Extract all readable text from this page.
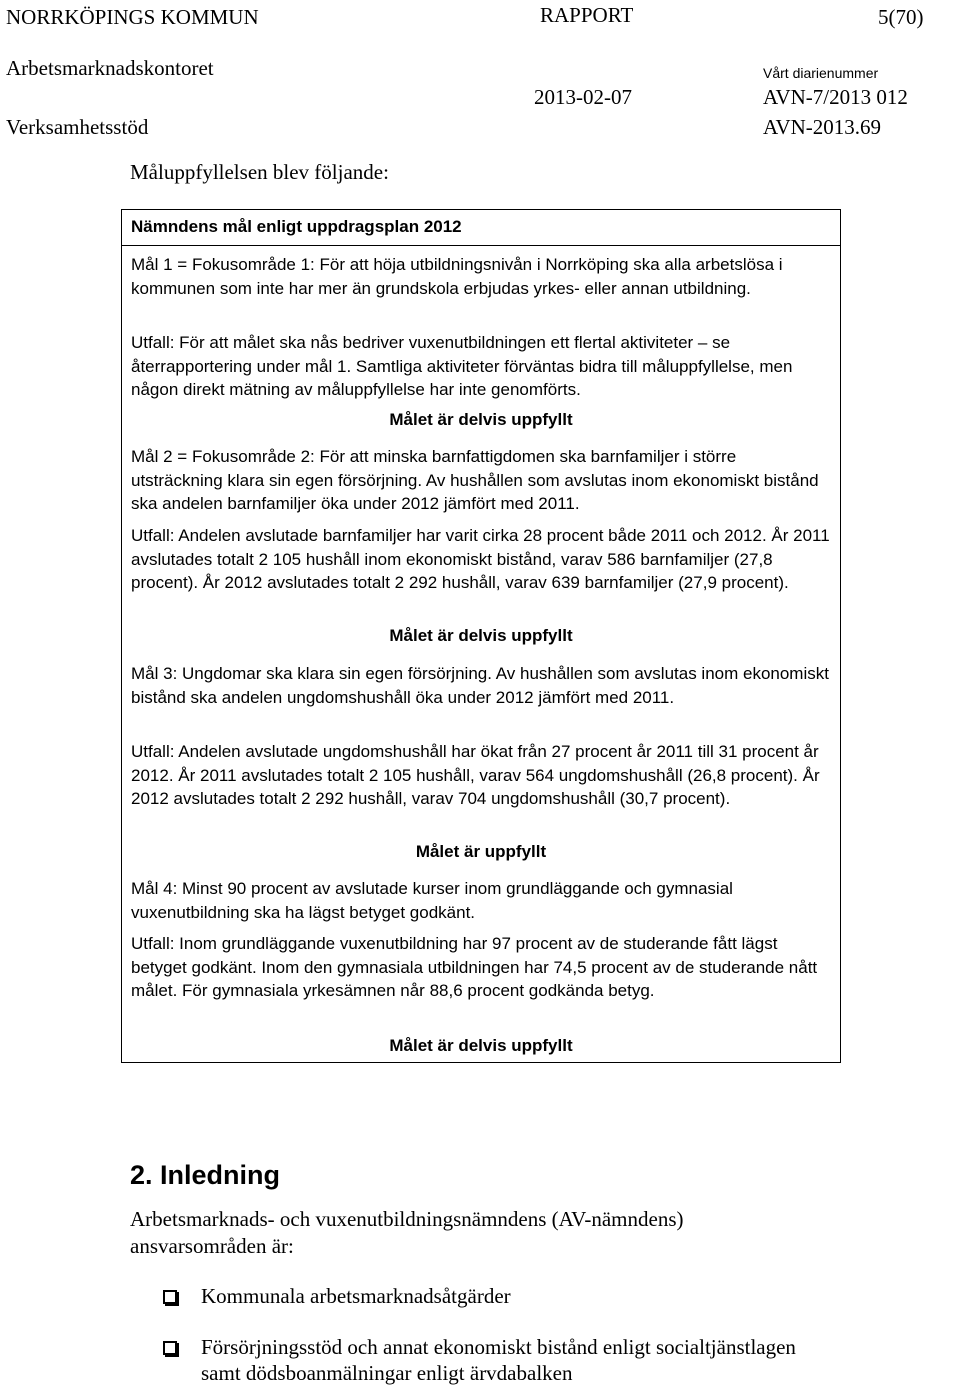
NORRKÖPINGS KOMMUN	RAPPORT	5(70)
Arbetsmarknadskontoret	Vårt diarienummer
2013-02-07	AVN-7/2013 012
Verksamhetsstöd	AVN-2013.69
Måluppfyllelsen blev följande:
Nämndens mål enligt uppdragsplan 2012

Mål 1 = Fokusområde 1: För att höja utbildningsnivån i Norrköping ska alla arbetslösa i kommunen som inte har mer än grundskola erbjudas yrkes- eller annan utbildning.

Utfall: För att målet ska nås bedriver vuxenutbildningen ett flertal aktiviteter – se återrapportering under mål 1. Samtliga aktiviteter förväntas bidra till måluppfyllelse, men någon direkt mätning av måluppfyllelse har inte genomförts.

Målet är delvis uppfyllt

Mål 2 = Fokusområde 2: För att minska barnfattigdomen ska barnfamiljer i större utsträckning klara sin egen försörjning. Av hushållen som avslutas inom ekonomiskt bistånd ska andelen barnfamiljer öka under 2012 jämfört med 2011.

Utfall: Andelen avslutade barnfamiljer har varit cirka 28 procent både 2011 och 2012. År 2011 avslutades totalt 2 105 hushåll inom ekonomiskt bistånd, varav 586 barnfamiljer (27,8 procent). År 2012 avslutades totalt 2 292 hushåll, varav 639 barnfamiljer (27,9 procent).

Målet är delvis uppfyllt

Mål 3: Ungdomar ska klara sin egen försörjning. Av hushållen som avslutas inom ekonomiskt bistånd ska andelen ungdomshushåll öka under 2012 jämfört med 2011.

Utfall: Andelen avslutade ungdomshushåll har ökat från 27 procent år 2011 till 31 procent år 2012. År 2011 avslutades totalt 2 105 hushåll, varav 564 ungdomshushåll (26,8 procent). År 2012 avslutades totalt 2 292 hushåll, varav 704 ungdomshushåll (30,7 procent).

Målet är uppfyllt

Mål 4: Minst 90 procent av avslutade kurser inom grundläggande och gymnasial vuxenutbildning ska ha lägst betyget godkänt.

Utfall: Inom grundläggande vuxenutbildning har 97 procent av de studerande fått lägst betyget godkänt. Inom den gymnasiala utbildningen har 74,5 procent av de studerande nått målet. För gymnasiala yrkesämnen når 88,6 procent godkända betyg.

Målet är delvis uppfyllt
2. Inledning

Arbetsmarknads- och vuxenutbildningsnämndens (AV-nämndens) ansvarsområden är:

Kommunala arbetsmarknadsåtgärder

Försörjningsstöd och annat ekonomiskt bistånd enligt socialtjänstlagen samt dödsboanmälningar enligt ärvdabalken
